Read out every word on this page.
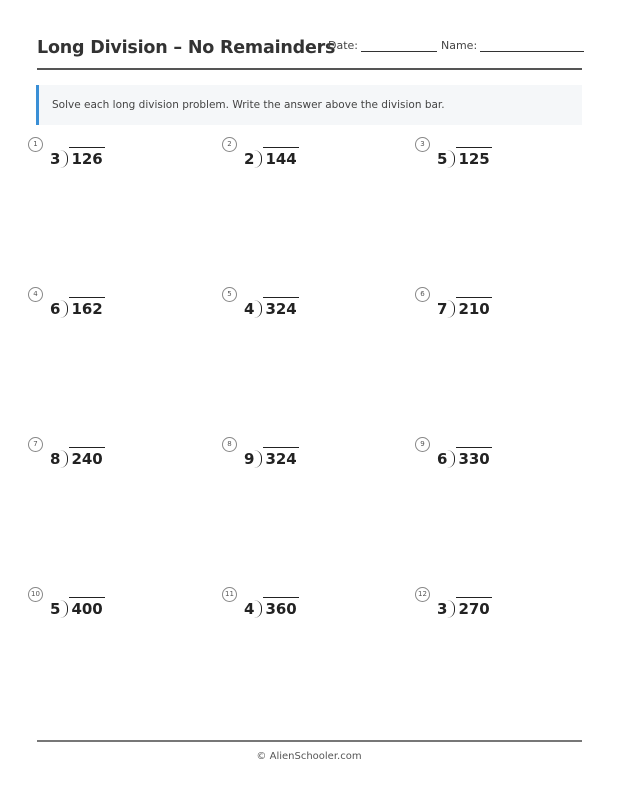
Long Division – No Remainders
Date:	Name:
Solve each long division problem. Write the answer above the division bar.
1
3 126
2
2 144
3
5 125
4
6 162
5
4 324
6
7 210
7
8 240
8
9 324
9
6 330
10
5 400
11
4 360
12
3 270
© AlienSchooler.com
